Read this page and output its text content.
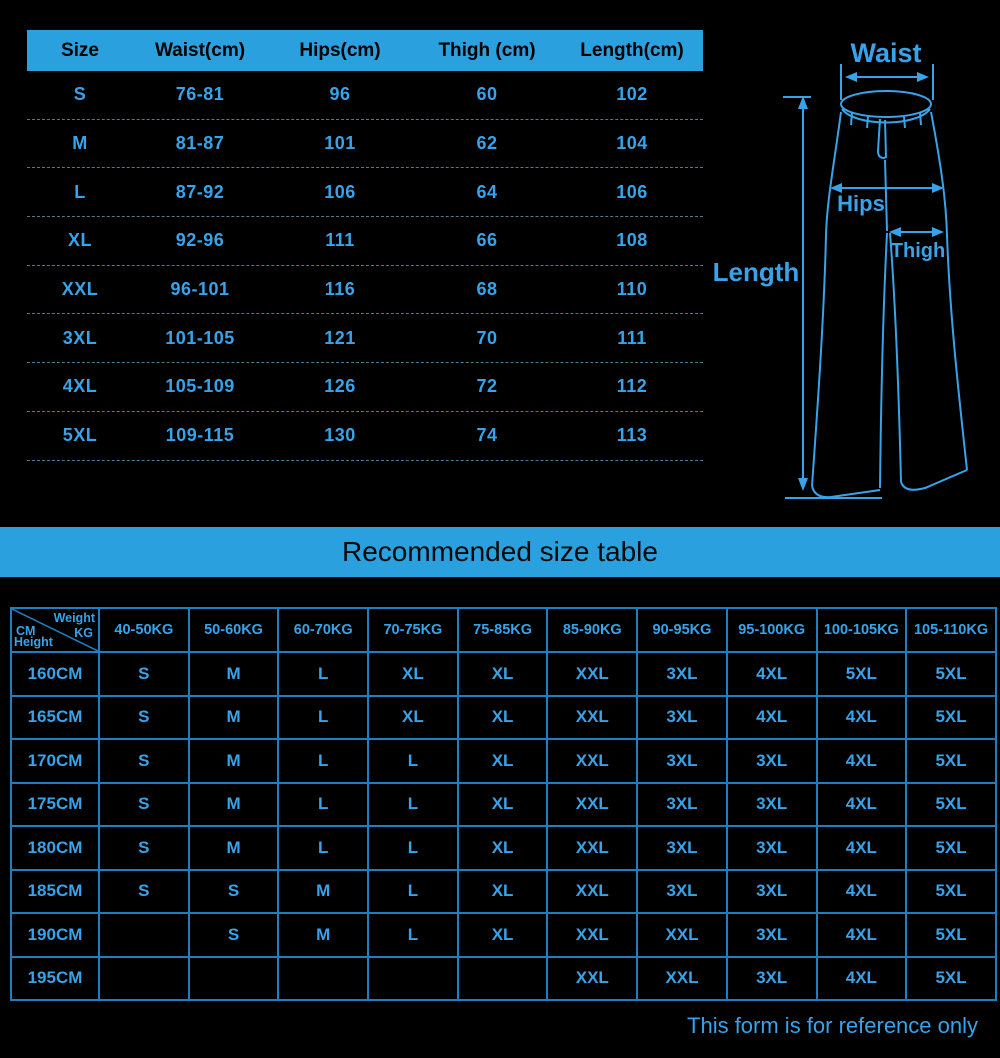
Size	Waist(cm)	Hips(cm)	Thigh (cm)	Length(cm)
S	76-81	96	60	102
M	81-87	101	62	104
L	87-92	106	64	106
XL	92-96	111	66	108
XXL	96-101	116	68	110
3XL	101-105	121	70	111
4XL	105-109	126	72	112
5XL	109-115	130	74	113
Waist
Hips
Thigh
Length
Recommended size table
Weight
KG
CM
Height	40-50KG	50-60KG	60-70KG	70-75KG	75-85KG	85-90KG	90-95KG	95-100KG	100-105KG	105-110KG
160CM	S	M	L	XL	XL	XXL	3XL	4XL	5XL	5XL
165CM	S	M	L	XL	XL	XXL	3XL	4XL	4XL	5XL
170CM	S	M	L	L	XL	XXL	3XL	3XL	4XL	5XL
175CM	S	M	L	L	XL	XXL	3XL	3XL	4XL	5XL
180CM	S	M	L	L	XL	XXL	3XL	3XL	4XL	5XL
185CM	S	S	M	L	XL	XXL	3XL	3XL	4XL	5XL
190CM		S	M	L	XL	XXL	XXL	3XL	4XL	5XL
195CM						XXL	XXL	3XL	4XL	5XL
This form is for reference only
